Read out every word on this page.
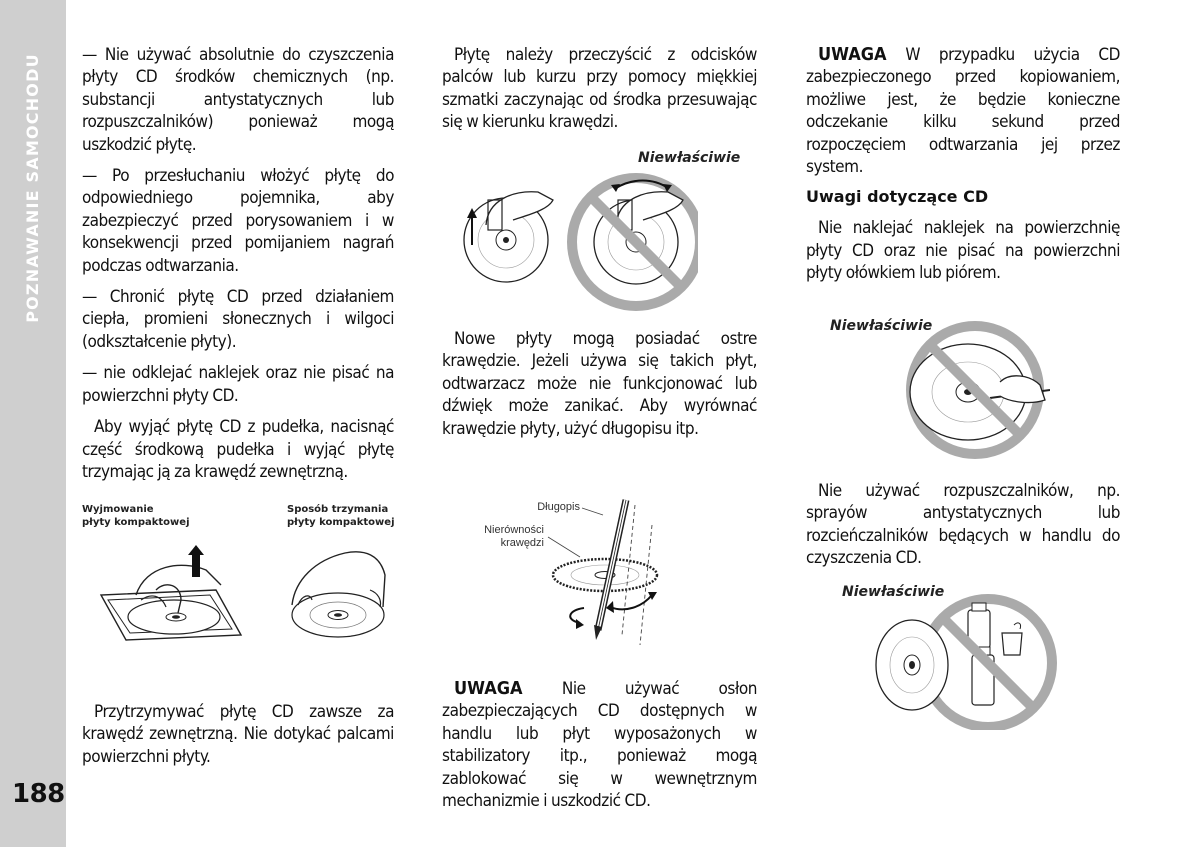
POZNAWANIE SAMOCHODU
188

— Nie używać absolutnie do czyszczenia płyty CD środków chemicznych (np. substancji antystatycznych lub rozpuszczalników) ponieważ mogą uszkodzić płytę.

— Po przesłuchaniu włożyć płytę do odpowiedniego pojemnika, aby zabezpieczyć przed porysowaniem i w konsekwencji przed pomijaniem nagrań podczas odtwarzania.

— Chronić płytę CD przed działaniem ciepła, promieni słonecznych i wilgoci (odkształcenie płyty).

— nie odklejać naklejek oraz nie pisać na powierzchni płyty CD.

Aby wyjąć płytę CD z pudełka, nacisnąć część środkową pudełka i wyjąć płytę trzymając ją za krawędź zewnętrzną.

Wyjmowanie
płyty kompaktowej
Sposób trzymania
płyty kompaktowej

Przytrzymywać płytę CD zawsze za krawędź zewnętrzną. Nie dotykać palcami powierzchni płyty.

Płytę należy przeczyścić z odcisków palców lub kurzu przy pomocy miękkiej szmatki zaczynając od środka przesuwając się w kierunku krawędzi.

Niewłaściwie

Nowe płyty mogą posiadać ostre krawędzie. Jeżeli używa się takich płyt, odtwarzacz może nie funkcjonować lub dźwięk może zanikać. Aby wyrównać krawędzie płyty, użyć długopisu itp.

Długopis
Nierówności
krawędzi

UWAGA Nie używać osłon zabezpieczających CD dostępnych w handlu lub płyt wyposażonych w stabilizatory itp., ponieważ mogą zablokować się w wewnętrznym mechanizmie i uszkodzić CD.

UWAGA W przypadku użycia CD zabezpieczonego przed kopiowaniem, możliwe jest, że będzie konieczne odczekanie kilku sekund przed rozpoczęciem odtwarzania jej przez system.

Uwagi dotyczące CD

Nie naklejać naklejek na powierzchnię płyty CD oraz nie pisać na powierzchni płyty ołówkiem lub piórem.

Niewłaściwie

Nie używać rozpuszczalników, np. sprayów antystatycznych lub rozcieńczalników będących w handlu do czyszczenia CD.

Niewłaściwie
